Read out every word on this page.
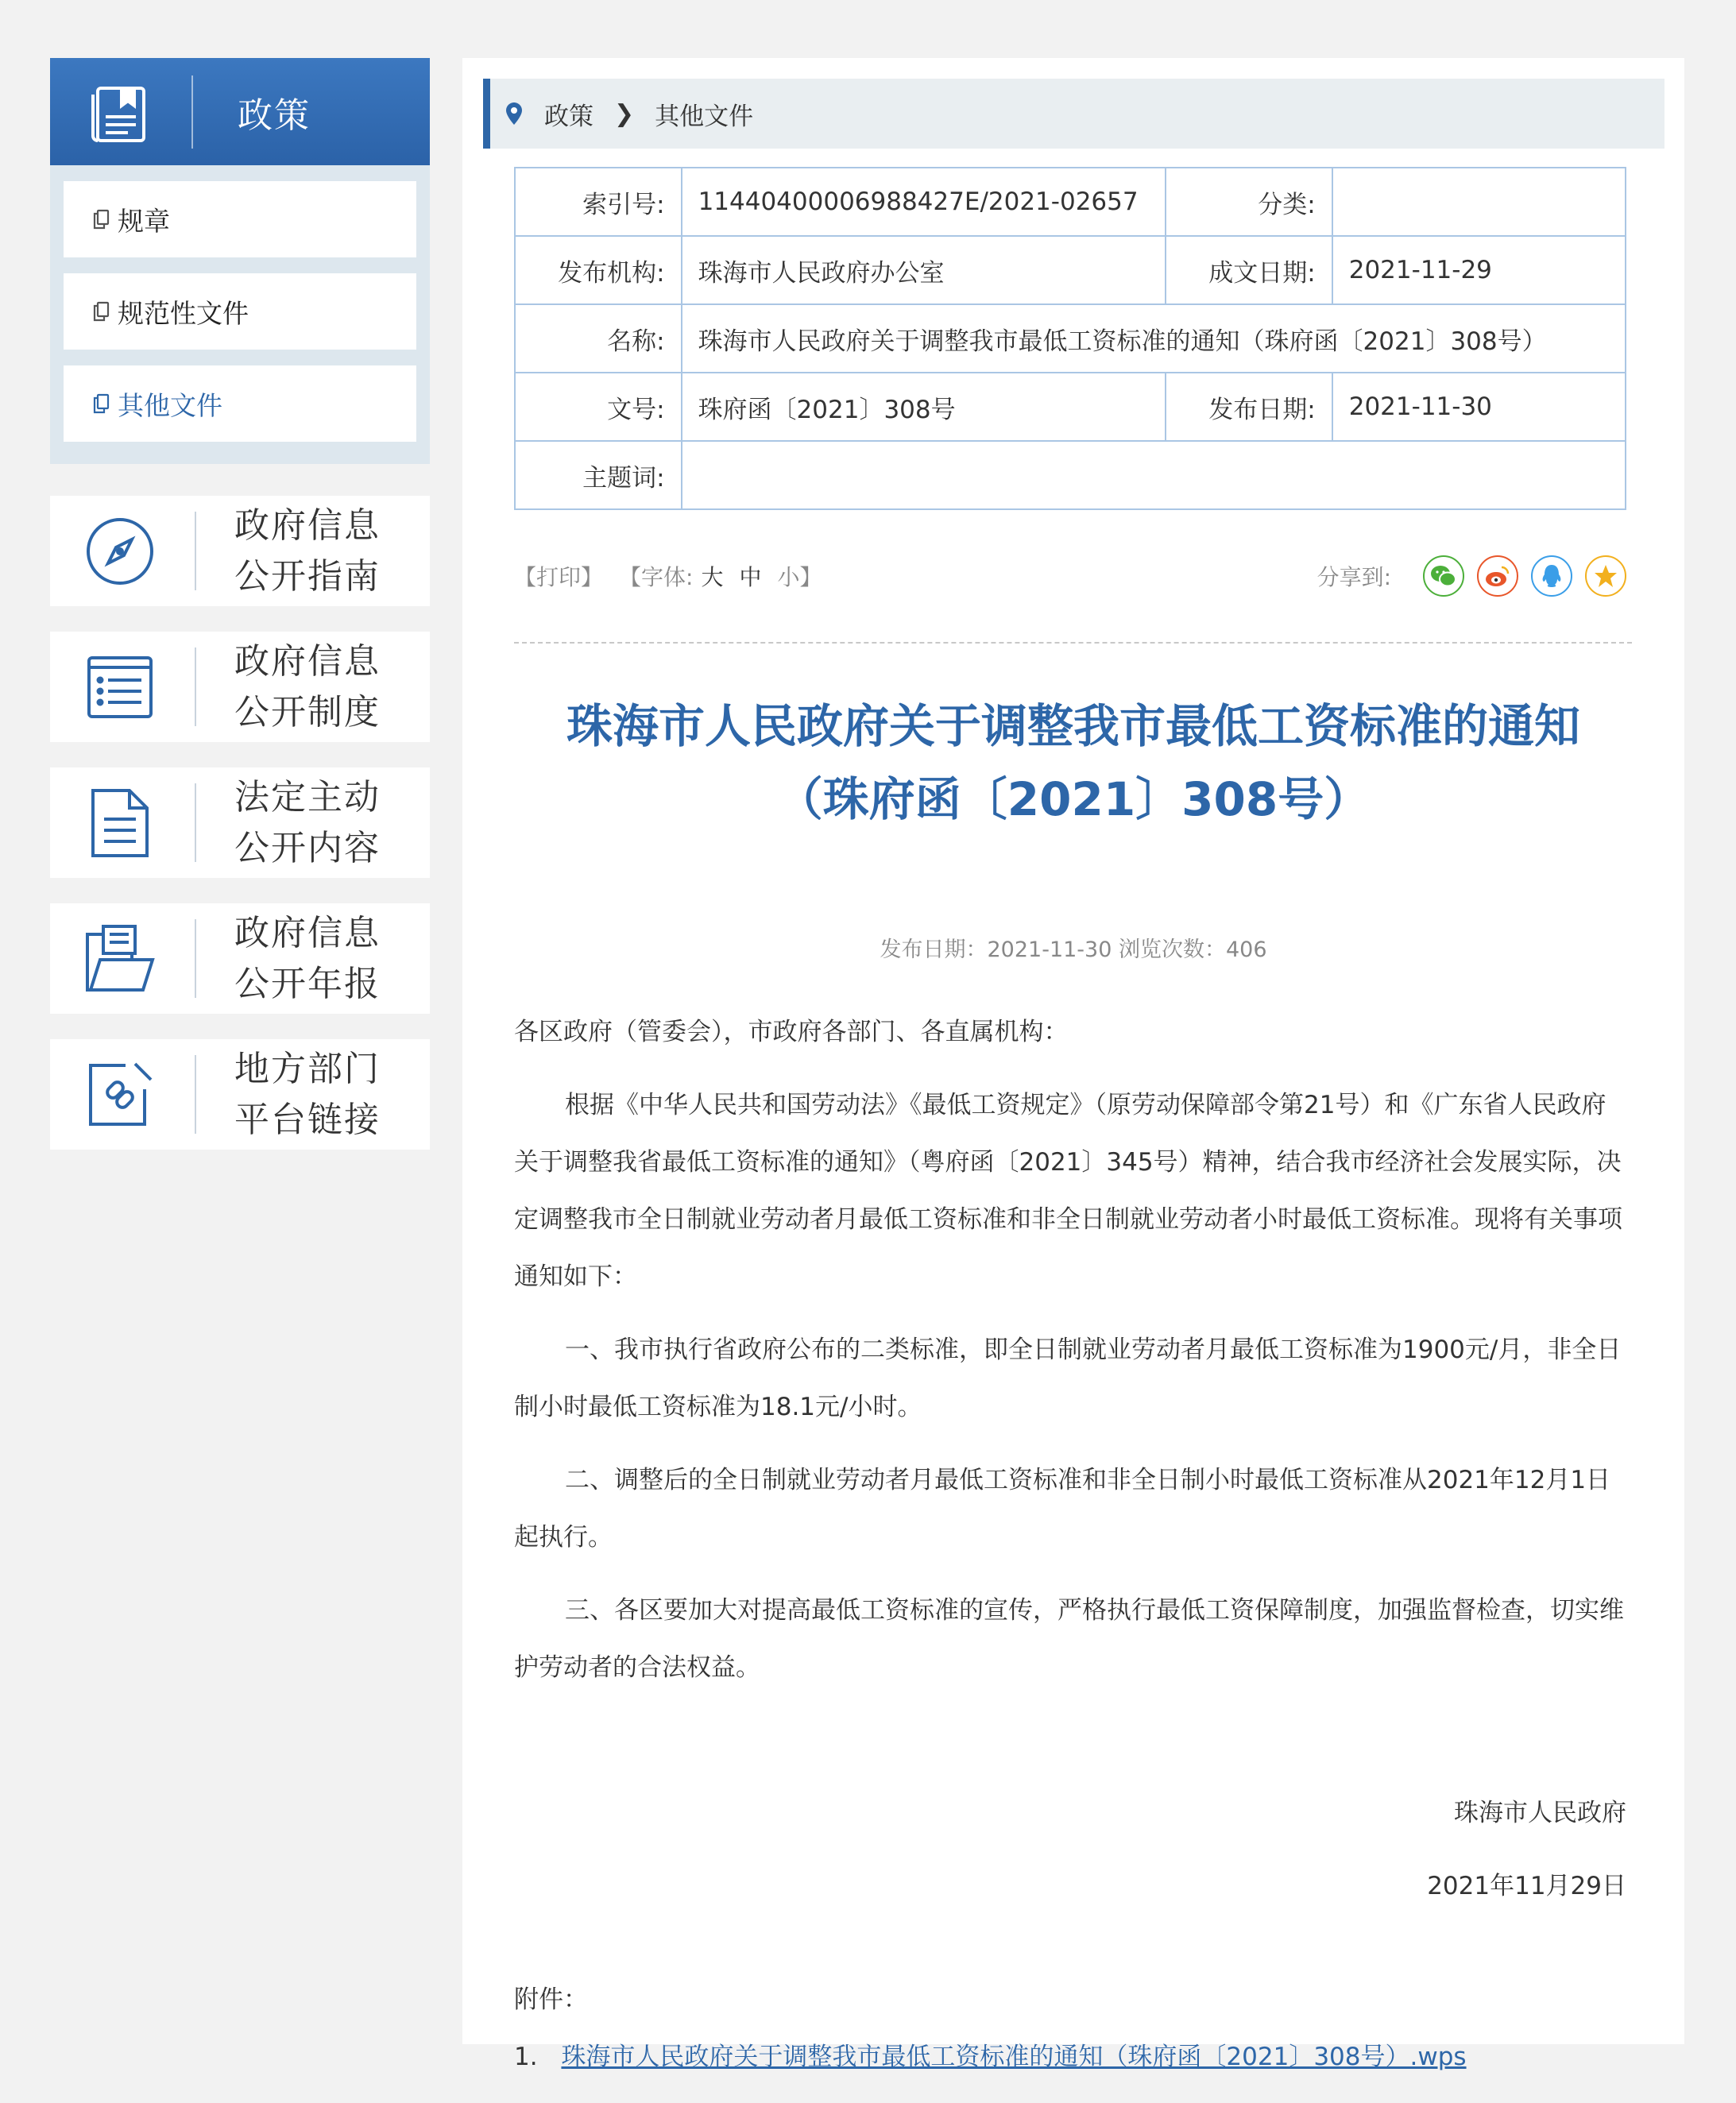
政策
规章
规范性文件
其他文件
政府信息
公开指南
政府信息
公开制度
法定主动
公开内容
政府信息
公开年报
地方部门
平台链接
政策 ❯ 其他文件
索引号:	11440400006988427E/2021-02657	分类:	
发布机构:	珠海市人民政府办公室	成文日期:	2021-11-29
名称:	珠海市人民政府关于调整我市最低工资标准的通知（珠府函〔2021〕308号）		
文号:	珠府函〔2021〕308号	发布日期:	2021-11-30
主题词:			
【打印】 【字体: 大 中 小】	分享到:
珠海市人民政府关于调整我市最低工资标准的通知
（珠府函〔2021〕308号）
发布日期：2021-11-30 浏览次数：406

各区政府（管委会），市政府各部门、各直属机构：

根据《中华人民共和国劳动法》《最低工资规定》（原劳动保障部令第21号）和《广东省人民政府关于调整我省最低工资标准的通知》（粤府函〔2021〕345号）精神，结合我市经济社会发展实际，决定调整我市全日制就业劳动者月最低工资标准和非全日制就业劳动者小时最低工资标准。现将有关事项通知如下：

一、我市执行省政府公布的二类标准，即全日制就业劳动者月最低工资标准为1900元/月，非全日制小时最低工资标准为18.1元/小时。

二、调整后的全日制就业劳动者月最低工资标准和非全日制小时最低工资标准从2021年12月1日起执行。

三、各区要加大对提高最低工资标准的宣传，严格执行最低工资保障制度，加强监督检查，切实维护劳动者的合法权益。

珠海市人民政府
2021年11月29日
附件：
1. 珠海市人民政府关于调整我市最低工资标准的通知（珠府函〔2021〕308号）.wps
